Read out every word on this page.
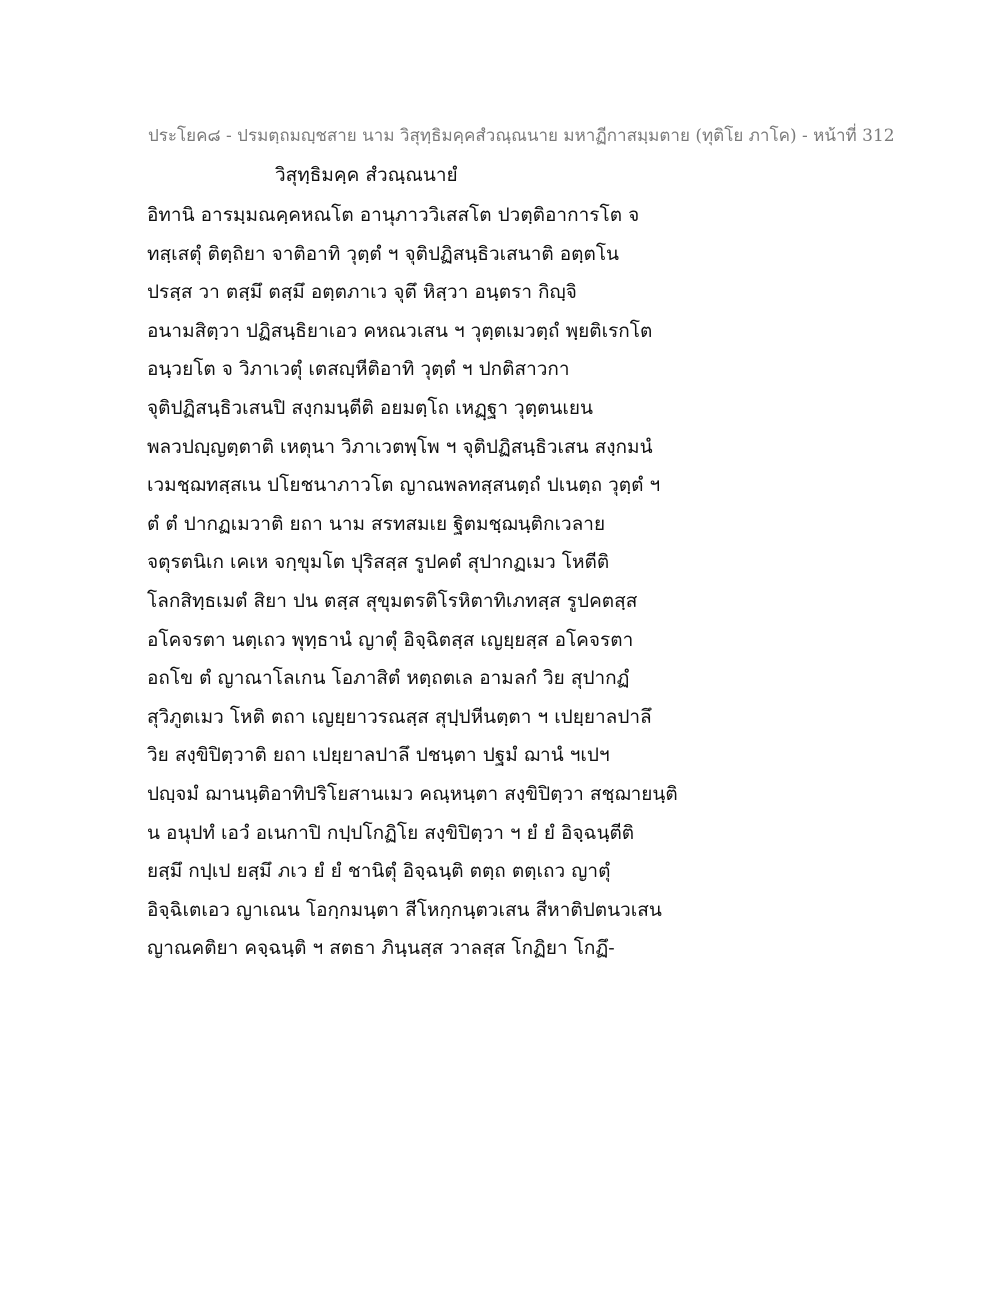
ประโยค๘ - ปรมตฺถมญฺชสาย นาม วิสุทฺธิมคฺคสํวณฺณนาย มหาฏีกาสมฺมตาย (ทุติโย ภาโค) - หน้าที่ 312
วิสุทฺธิมคฺค สํวณฺณนายํ
อิทานิ อารมฺมณคฺคหณโต อานุภาววิเสสโต ปวตฺติอาการโต จ
ทสฺเสตุํ ติตฺถิยา จาติอาทิ วุตฺตํ ฯ จุติปฏิสนฺธิวเสนาติ อตฺตโน
ปรสฺส วา ตสฺมึ ตสฺมึ อตฺตภาเว จุตึ หิสฺวา อนฺตรา กิญฺจิ
อนามสิตฺวา ปฏิสนฺธิยาเอว คหณวเสน ฯ วุตฺตเมวตฺถํ พฺยติเรกโต
อนฺวยโต จ วิภาเวตุํ เตสญฺหีติอาทิ วุตฺตํ ฯ ปกติสาวกา
จุติปฏิสนฺธิวเสนปิ สงฺกมนฺตีติ อยมตฺโถ เหฏฺฐา วุตฺตนเยน
พลวปญฺญตฺตาติ เหตุนา วิภาเวตพฺโพ ฯ จุติปฏิสนฺธิวเสน สงฺกมนํ
เวมชฺฌทสฺสเน ปโยชนาภาวโต ญาณพลทสฺสนตฺถํ ปเนตฺถ วุตฺตํ ฯ
ตํ ตํ ปากฏเมวาติ ยถา นาม สรทสมเย ฐิตมชฺฌนฺติกเวลาย
จตุรตนิเก เคเห จกฺขุมโต ปุริสสฺส รูปคตํ สุปากฏเมว โหตีติ
โลกสิทฺธเมตํ สิยา ปน ตสฺส สุขุมตรติโรหิตาทิเภทสฺส รูปคตสฺส
อโคจรตา นตฺเถว พุทฺธานํ ญาตุํ อิจฺฉิตสฺส เญยฺยสฺส อโคจรตา
อถโข ตํ ญาณาโลเกน โอภาสิตํ หตฺถตเล อามลกํ วิย สุปากฏํ
สุวิภูตเมว โหติ ตถา เญยฺยาวรณสฺส สุปฺปหีนตฺตา ฯ เปยฺยาลปาลึ
วิย สงฺขิปิตฺวาติ ยถา เปยฺยาลปาลึ ปชนฺตา ปฐมํ ฌานํ ฯเปฯ
ปญฺจมํ ฌานนฺติอาทิปริโยสานเมว คณฺหนฺตา สงฺขิปิตฺวา สชฺฌายนฺติ
น อนุปทํ เอวํ อเนกาปิ กปฺปโกฏิโย สงฺขิปิตฺวา ฯ ยํ ยํ อิจฺฉนฺตีติ
ยสฺมึ กปฺเป ยสฺมึ ภเว ยํ ยํ ชานิตุํ อิจฺฉนฺติ ตตฺถ ตตฺเถว ญาตุํ
อิจฺฉิเตเอว ญาเณน โอกฺกมนฺตา สีโหกฺกนฺตวเสน สีหาติปตนวเสน
ญาณคติยา คจฺฉนฺติ ฯ สตธา ภินฺนสฺส วาลสฺส โกฏิยา โกฏึ-
